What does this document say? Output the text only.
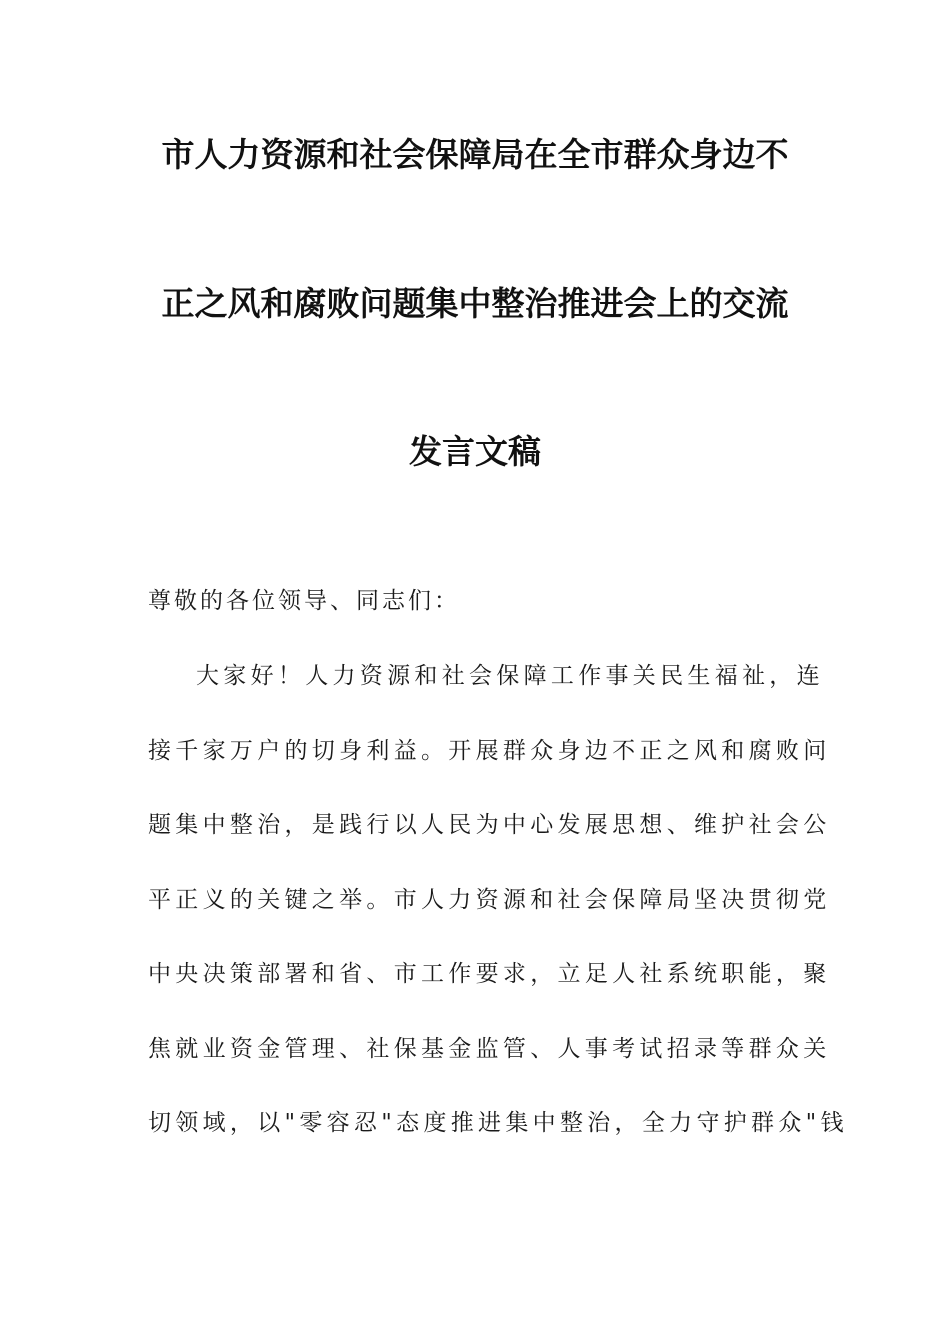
市人力资源和社会保障局在全市群众身边不
正之风和腐败问题集中整治推进会上的交流
发言文稿
尊敬的各位领导、同志们：
大家好！人力资源和社会保障工作事关民生福祉，连
接千家万户的切身利益。开展群众身边不正之风和腐败问
题集中整治，是践行以人民为中心发展思想、维护社会公
平正义的关键之举。市人力资源和社会保障局坚决贯彻党
中央决策部署和省、市工作要求，立足人社系统职能，聚
焦就业资金管理、社保基金监管、人事考试招录等群众关
切领域，以"零容忍"态度推进集中整治，全力守护群众"钱
